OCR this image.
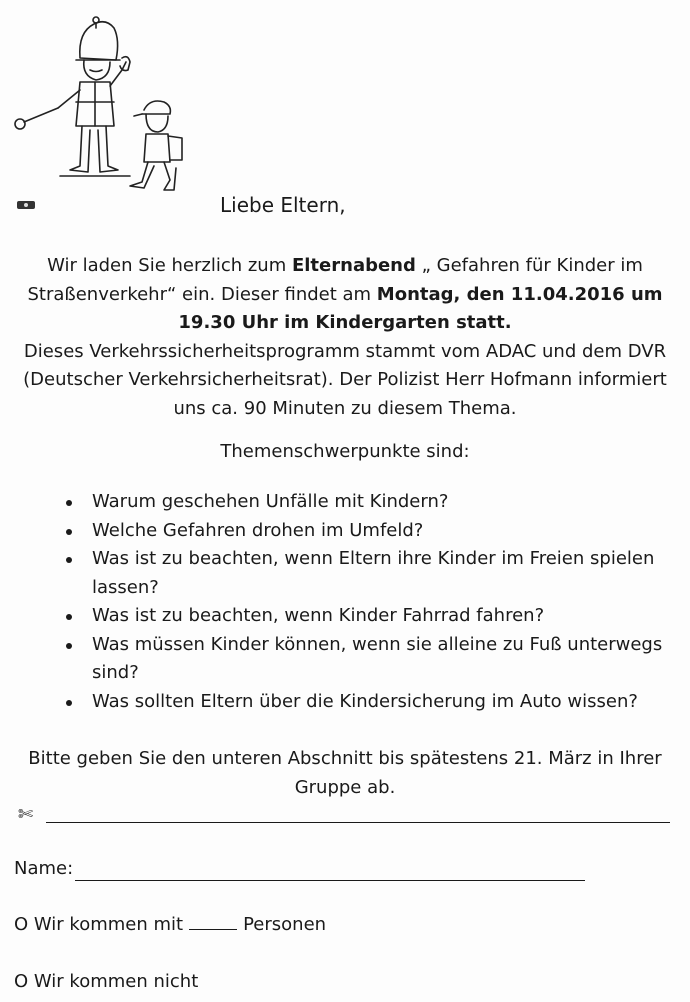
Liebe Eltern,
Wir laden Sie herzlich zum Elternabend „ Gefahren für Kinder im Straßenverkehr“ ein. Dieser findet am Montag, den 11.04.2016 um 19.30 Uhr im Kindergarten statt.
Dieses Verkehrssicherheitsprogramm stammt vom ADAC und dem DVR (Deutscher Verkehrsicherheitsrat). Der Polizist Herr Hofmann informiert uns ca. 90 Minuten zu diesem Thema.
Themenschwerpunkte sind:
Warum geschehen Unfälle mit Kindern?
Welche Gefahren drohen im Umfeld?
Was ist zu beachten, wenn Eltern ihre Kinder im Freien spielen lassen?
Was ist zu beachten, wenn Kinder Fahrrad fahren?
Was müssen Kinder können, wenn sie alleine zu Fuß unterwegs sind?
Was sollten Eltern über die Kindersicherung im Auto wissen?
Bitte geben Sie den unteren Abschnitt bis spätestens 21. März in Ihrer Gruppe ab.
✄
Name:
O Wir kommen mit	Personen
O Wir kommen nicht
